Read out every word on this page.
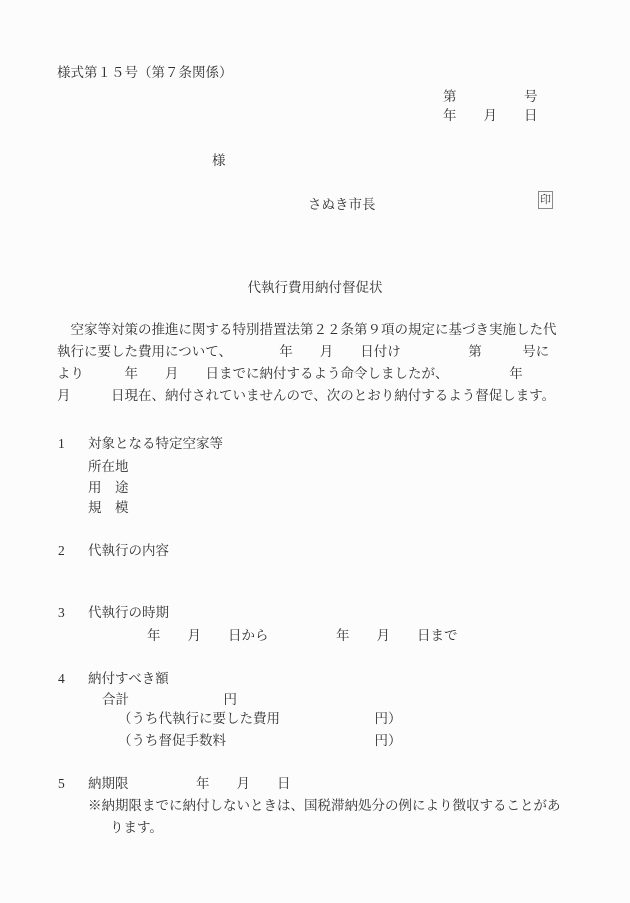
様式第１５号（第７条関係）
第　　　　　号
年　　月　　日
様
さぬき市長	印
代執行費用納付督促状
　空家等対策の推進に関する特別措置法第２２条第９項の規定に基づき実施した代
執行に要した費用について、　　　　年　　月　　日付け　　　　　第　　　号に
より　　　年　　月　　日までに納付するよう命令しましたが、　　　　　年
月　　　日現在、納付されていませんので、次のとおり納付するよう督促します。
1 対象となる特定空家等
所在地
用　途
規　模
2 代執行の内容
3 代執行の時期
年　　月　　日から　　　　　年　　月　　日まで
4 納付すべき額
合計　　　　　　　円
（うち代執行に要した費用　　　　　　　円）
（うち督促手数料　　　　　　　　　　　円）
5 納期限　　　　　年　　月　　日
※納期限までに納付しないときは、国税滞納処分の例により徴収することがあ
ります。
